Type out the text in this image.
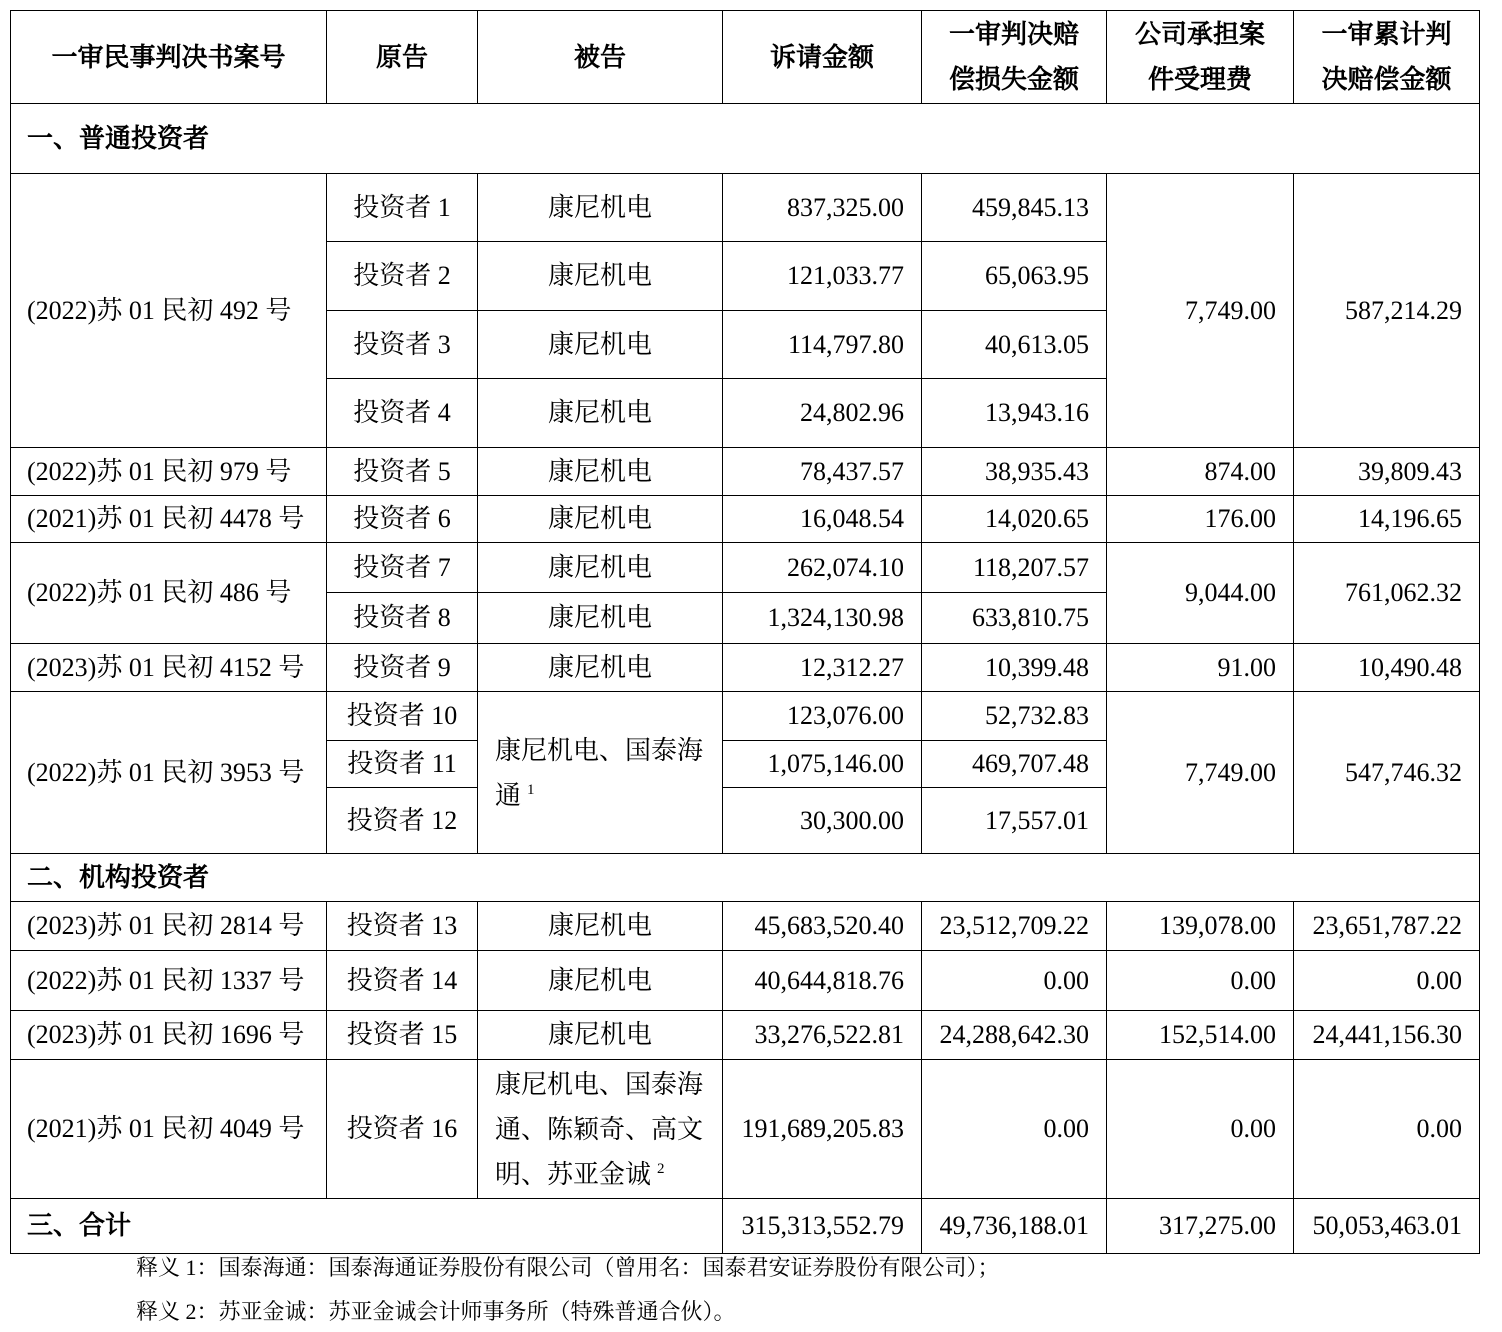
一审民事判决书案号	原告	被告	诉请金额	一审判决赔偿损失金额	公司承担案件受理费	一审累计判决赔偿金额
一、普通投资者						
(2022)苏 01 民初 492 号	投资者 1	康尼机电	837,325.00	459,845.13	7,749.00	587,214.29
	投资者 2	康尼机电	121,033.77	65,063.95		
	投资者 3	康尼机电	114,797.80	40,613.05		
	投资者 4	康尼机电	24,802.96	13,943.16		
(2022)苏 01 民初 979 号	投资者 5	康尼机电	78,437.57	38,935.43	874.00	39,809.43
(2021)苏 01 民初 4478 号	投资者 6	康尼机电	16,048.54	14,020.65	176.00	14,196.65
(2022)苏 01 民初 486 号	投资者 7	康尼机电	262,074.10	118,207.57	9,044.00	761,062.32
	投资者 8	康尼机电	1,324,130.98	633,810.75		
(2023)苏 01 民初 4152 号	投资者 9	康尼机电	12,312.27	10,399.48	91.00	10,490.48
(2022)苏 01 民初 3953 号	投资者 10	康尼机电、国泰海通 $^1$	123,076.00	52,732.83	7,749.00	547,746.32
	投资者 11		1,075,146.00	469,707.48		
	投资者 12		30,300.00	17,557.01		
二、机构投资者						
(2023)苏 01 民初 2814 号	投资者 13	康尼机电	45,683,520.40	23,512,709.22	139,078.00	23,651,787.22
(2022)苏 01 民初 1337 号	投资者 14	康尼机电	40,644,818.76	0.00	0.00	0.00
(2023)苏 01 民初 1696 号	投资者 15	康尼机电	33,276,522.81	24,288,642.30	152,514.00	24,441,156.30
(2021)苏 01 民初 4049 号	投资者 16	康尼机电、国泰海通、陈颖奇、高文明、苏亚金诚 $^2$	191,689,205.83	0.00	0.00	0.00
三、合计			315,313,552.79	49,736,188.01	317,275.00	50,053,463.01
释义 1：国泰海通：国泰海通证券股份有限公司（曾用名：国泰君安证券股份有限公司）；
释义 2：苏亚金诚：苏亚金诚会计师事务所（特殊普通合伙）。
